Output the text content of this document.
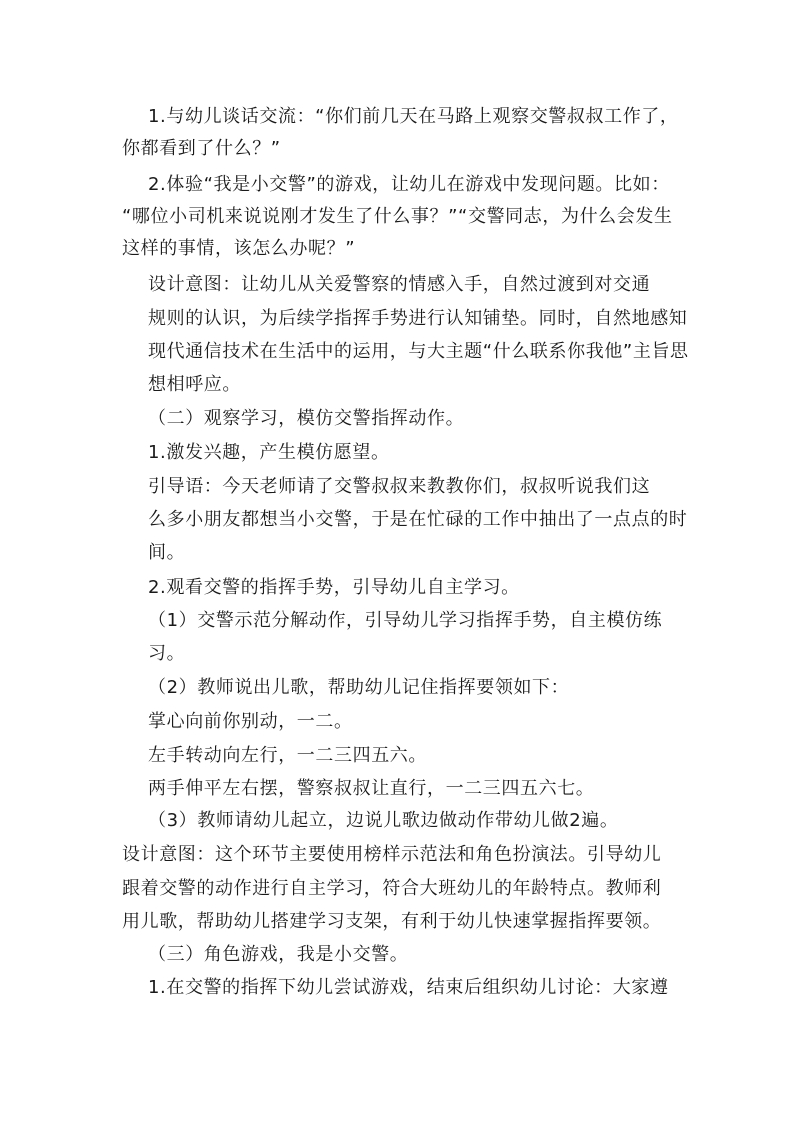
1.与幼儿谈话交流：“你们前几天在马路上观察交警叔叔工作了，
你都看到了什么？”
2.体验“我是小交警”的游戏，让幼儿在游戏中发现问题。比如：
“哪位小司机来说说刚才发生了什么事？”“交警同志，为什么会发生
这样的事情，该怎么办呢？”
设计意图：让幼儿从关爱警察的情感入手，自然过渡到对交通
规则的认识，为后续学指挥手势进行认知铺垫。同时，自然地感知
现代通信技术在生活中的运用，与大主题“什么联系你我他”主旨思
想相呼应。
（二）观察学习，模仿交警指挥动作。
1.激发兴趣，产生模仿愿望。
引导语：今天老师请了交警叔叔来教教你们，叔叔听说我们这
么多小朋友都想当小交警，于是在忙碌的工作中抽出了一点点的时
间。
2.观看交警的指挥手势，引导幼儿自主学习。
（1）交警示范分解动作，引导幼儿学习指挥手势，自主模仿练
习。
（2）教师说出儿歌，帮助幼儿记住指挥要领如下：
掌心向前你别动，一二。
左手转动向左行，一二三四五六。
两手伸平左右摆，警察叔叔让直行，一二三四五六七。
（3）教师请幼儿起立，边说儿歌边做动作带幼儿做2遍。
设计意图：这个环节主要使用榜样示范法和角色扮演法。引导幼儿
跟着交警的动作进行自主学习，符合大班幼儿的年龄特点。教师利
用儿歌，帮助幼儿搭建学习支架，有利于幼儿快速掌握指挥要领。
（三）角色游戏，我是小交警。
1.在交警的指挥下幼儿尝试游戏，结束后组织幼儿讨论：大家遵
